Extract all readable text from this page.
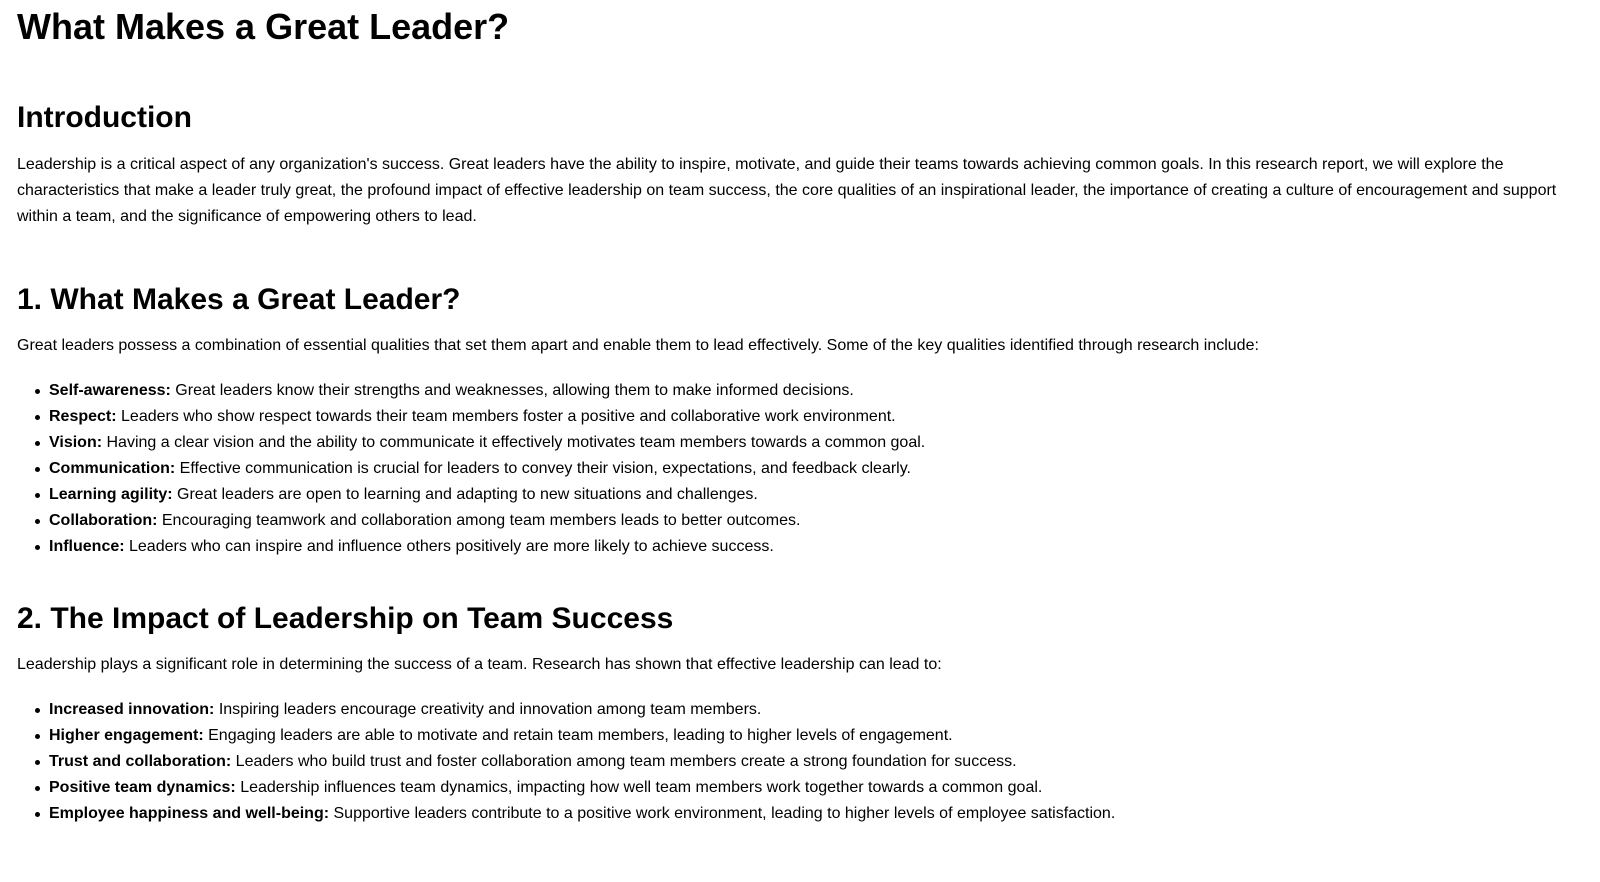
What Makes a Great Leader?
Introduction

Leadership is a critical aspect of any organization's success. Great leaders have the ability to inspire, motivate, and guide their teams towards achieving common goals. In this research report, we will explore the characteristics that make a leader truly great, the profound impact of effective leadership on team success, the core qualities of an inspirational leader, the importance of creating a culture of encouragement and support within a team, and the significance of empowering others to lead.

1. What Makes a Great Leader?

Great leaders possess a combination of essential qualities that set them apart and enable them to lead effectively. Some of the key qualities identified through research include:

Self-awareness: Great leaders know their strengths and weaknesses, allowing them to make informed decisions.
Respect: Leaders who show respect towards their team members foster a positive and collaborative work environment.
Vision: Having a clear vision and the ability to communicate it effectively motivates team members towards a common goal.
Communication: Effective communication is crucial for leaders to convey their vision, expectations, and feedback clearly.
Learning agility: Great leaders are open to learning and adapting to new situations and challenges.
Collaboration: Encouraging teamwork and collaboration among team members leads to better outcomes.
Influence: Leaders who can inspire and influence others positively are more likely to achieve success.
2. The Impact of Leadership on Team Success

Leadership plays a significant role in determining the success of a team. Research has shown that effective leadership can lead to:

Increased innovation: Inspiring leaders encourage creativity and innovation among team members.
Higher engagement: Engaging leaders are able to motivate and retain team members, leading to higher levels of engagement.
Trust and collaboration: Leaders who build trust and foster collaboration among team members create a strong foundation for success.
Positive team dynamics: Leadership influences team dynamics, impacting how well team members work together towards a common goal.
Employee happiness and well-being: Supportive leaders contribute to a positive work environment, leading to higher levels of employee satisfaction.
